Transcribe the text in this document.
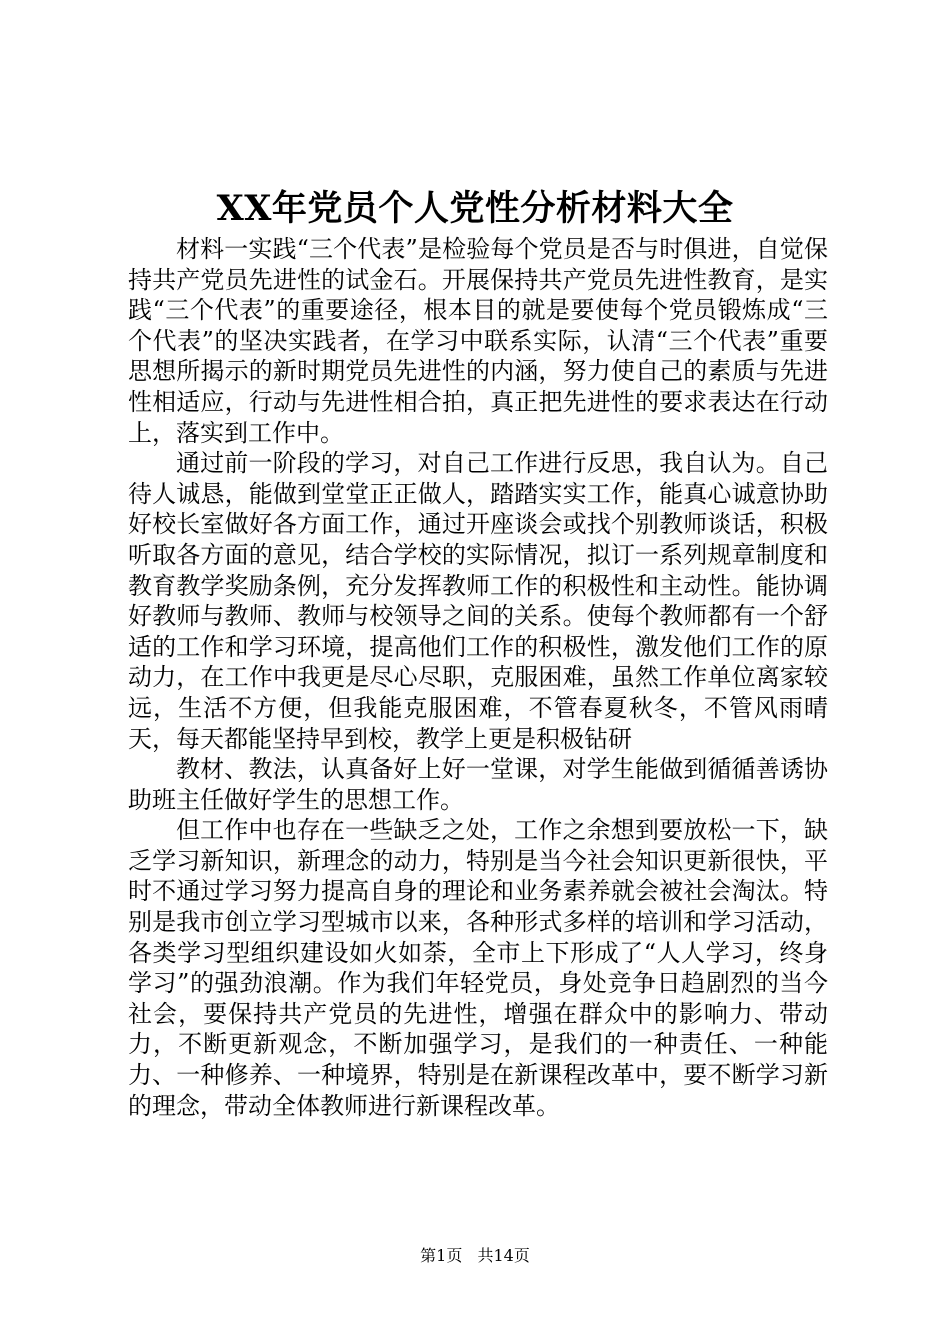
XX年党员个人党性分析材料大全

材料一实践“三个代表”是检验每个党员是否与时俱进，自觉保持共产党员先进性的试金石。开展保持共产党员先进性教育，是实践“三个代表”的重要途径，根本目的就是要使每个党员锻炼成“三个代表”的坚决实践者，在学习中联系实际，认清“三个代表”重要思想所揭示的新时期党员先进性的内涵，努力使自己的素质与先进性相适应，行动与先进性相合拍，真正把先进性的要求表达在行动上，落实到工作中。

通过前一阶段的学习，对自己工作进行反思，我自认为。自己待人诚恳，能做到堂堂正正做人，踏踏实实工作，能真心诚意协助好校长室做好各方面工作，通过开座谈会或找个别教师谈话，积极听取各方面的意见，结合学校的实际情况，拟订一系列规章制度和教育教学奖励条例，充分发挥教师工作的积极性和主动性。能协调好教师与教师、教师与校领导之间的关系。使每个教师都有一个舒适的工作和学习环境，提高他们工作的积极性，激发他们工作的原动力，在工作中我更是尽心尽职，克服困难，虽然工作单位离家较远，生活不方便，但我能克服困难，不管春夏秋冬，不管风雨晴天，每天都能坚持早到校，教学上更是积极钻研

教材、教法，认真备好上好一堂课，对学生能做到循循善诱协助班主任做好学生的思想工作。

但工作中也存在一些缺乏之处，工作之余想到要放松一下，缺乏学习新知识，新理念的动力，特别是当今社会知识更新很快，平时不通过学习努力提高自身的理论和业务素养就会被社会淘汰。特别是我市创立学习型城市以来，各种形式多样的培训和学习活动，各类学习型组织建设如火如荼，全市上下形成了“人人学习，终身学习”的强劲浪潮。作为我们年轻党员，身处竞争日趋剧烈的当今社会，要保持共产党员的先进性，增强在群众中的影响力、带动力，不断更新观念，不断加强学习，是我们的一种责任、一种能力、一种修养、一种境界，特别是在新课程改革中，要不断学习新的理念，带动全体教师进行新课程改革。

第1页 共14页
